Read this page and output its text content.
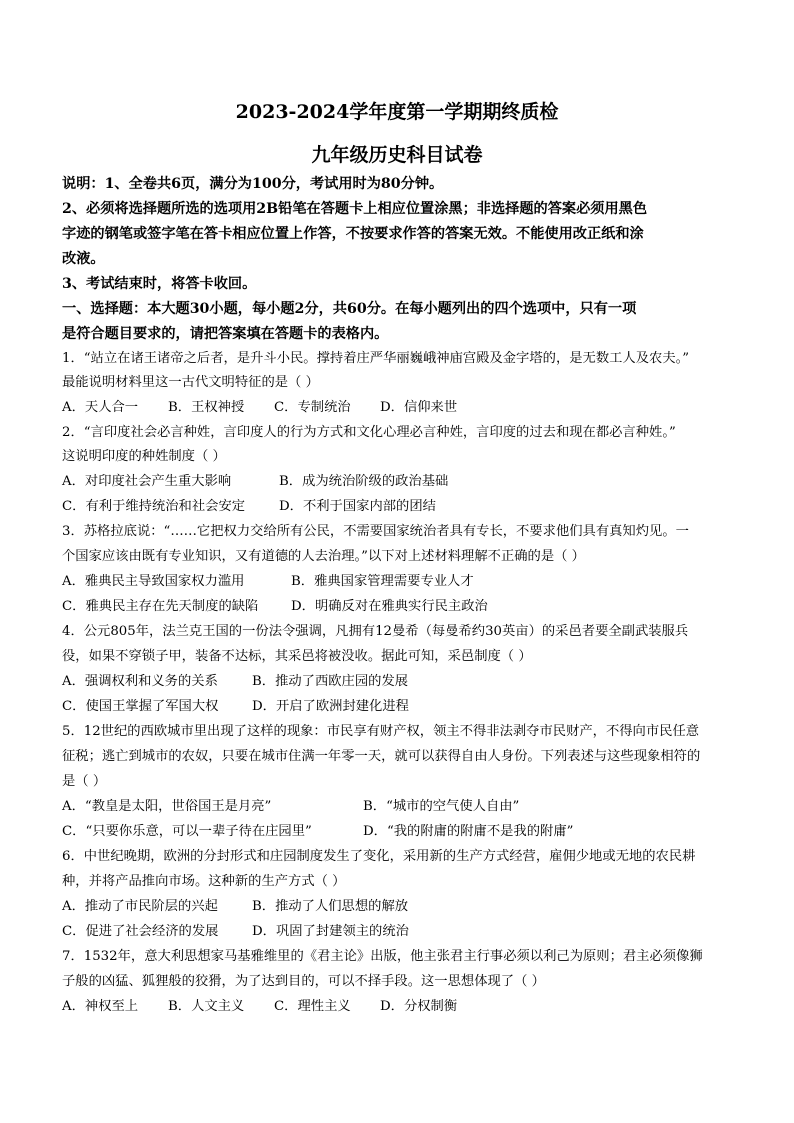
2023-2024学年度第一学期期终质检
九年级历史科目试卷
说明：1、全卷共6页，满分为100分，考试用时为80分钟。
2、必须将选择题所选的选项用2B铅笔在答题卡上相应位置涂黑；非选择题的答案必须用黑色
字迹的钢笔或签字笔在答卡相应位置上作答，不按要求作答的答案无效。不能使用改正纸和涂
改液。
3、考试结束时，将答卡收回。
一、选择题：本大题30小题，每小题2分，共60分。在每小题列出的四个选项中，只有一项
是符合题目要求的，请把答案填在答题卡的表格内。
1．“站立在诸王诸帝之后者，是升斗小民。撑持着庄严华丽巍峨神庙宫殿及金字塔的，是无数工人及农夫。”
最能说明材料里这一古代文明特征的是（ ）
A．天人合一	B．王权神授	C．专制统治	D．信仰来世
2．“言印度社会必言种姓，言印度人的行为方式和文化心理必言种姓，言印度的过去和现在都必言种姓。”
这说明印度的种姓制度（ ）
A．对印度社会产生重大影响	B．成为统治阶级的政治基础
C．有利于维持统治和社会安定	D．不利于国家内部的团结
3．苏格拉底说：“……它把权力交给所有公民，不需要国家统治者具有专长，不要求他们具有真知灼见。一
个国家应该由既有专业知识，又有道德的人去治理。”以下对上述材料理解不正确的是（ ）
A．雅典民主导致国家权力滥用	B．雅典国家管理需要专业人才
C．雅典民主存在先天制度的缺陷	D．明确反对在雅典实行民主政治
4．公元805年，法兰克王国的一份法令强调，凡拥有12曼希（每曼希约30英亩）的采邑者要全副武装服兵
役，如果不穿锁子甲，装备不达标，其采邑将被没收。据此可知，采邑制度（ ）
A．强调权利和义务的关系	B．推动了西欧庄园的发展
C．使国王掌握了军国大权	D．开启了欧洲封建化进程
5．12世纪的西欧城市里出现了这样的现象：市民享有财产权，领主不得非法剥夺市民财产，不得向市民任意
征税；逃亡到城市的农奴，只要在城市住满一年零一天，就可以获得自由人身份。下列表述与这些现象相符的
是（ ）
A．“教皇是太阳，世俗国王是月亮”	B．“城市的空气使人自由”
C．“只要你乐意，可以一辈子待在庄园里”	D．“我的附庸的附庸不是我的附庸”
6．中世纪晚期，欧洲的分封形式和庄园制度发生了变化，采用新的生产方式经营，雇佣少地或无地的农民耕
种，并将产品推向市场。这种新的生产方式（ ）
A．推动了市民阶层的兴起	B．推动了人们思想的解放
C．促进了社会经济的发展	D．巩固了封建领主的统治
7．1532年，意大利思想家马基雅维里的《君主论》出版，他主张君主行事必须以利己为原则；君主必须像狮
子般的凶猛、狐狸般的狡猾，为了达到目的，可以不择手段。这一思想体现了（ ）
A．神权至上	B．人文主义	C．理性主义	D．分权制衡
